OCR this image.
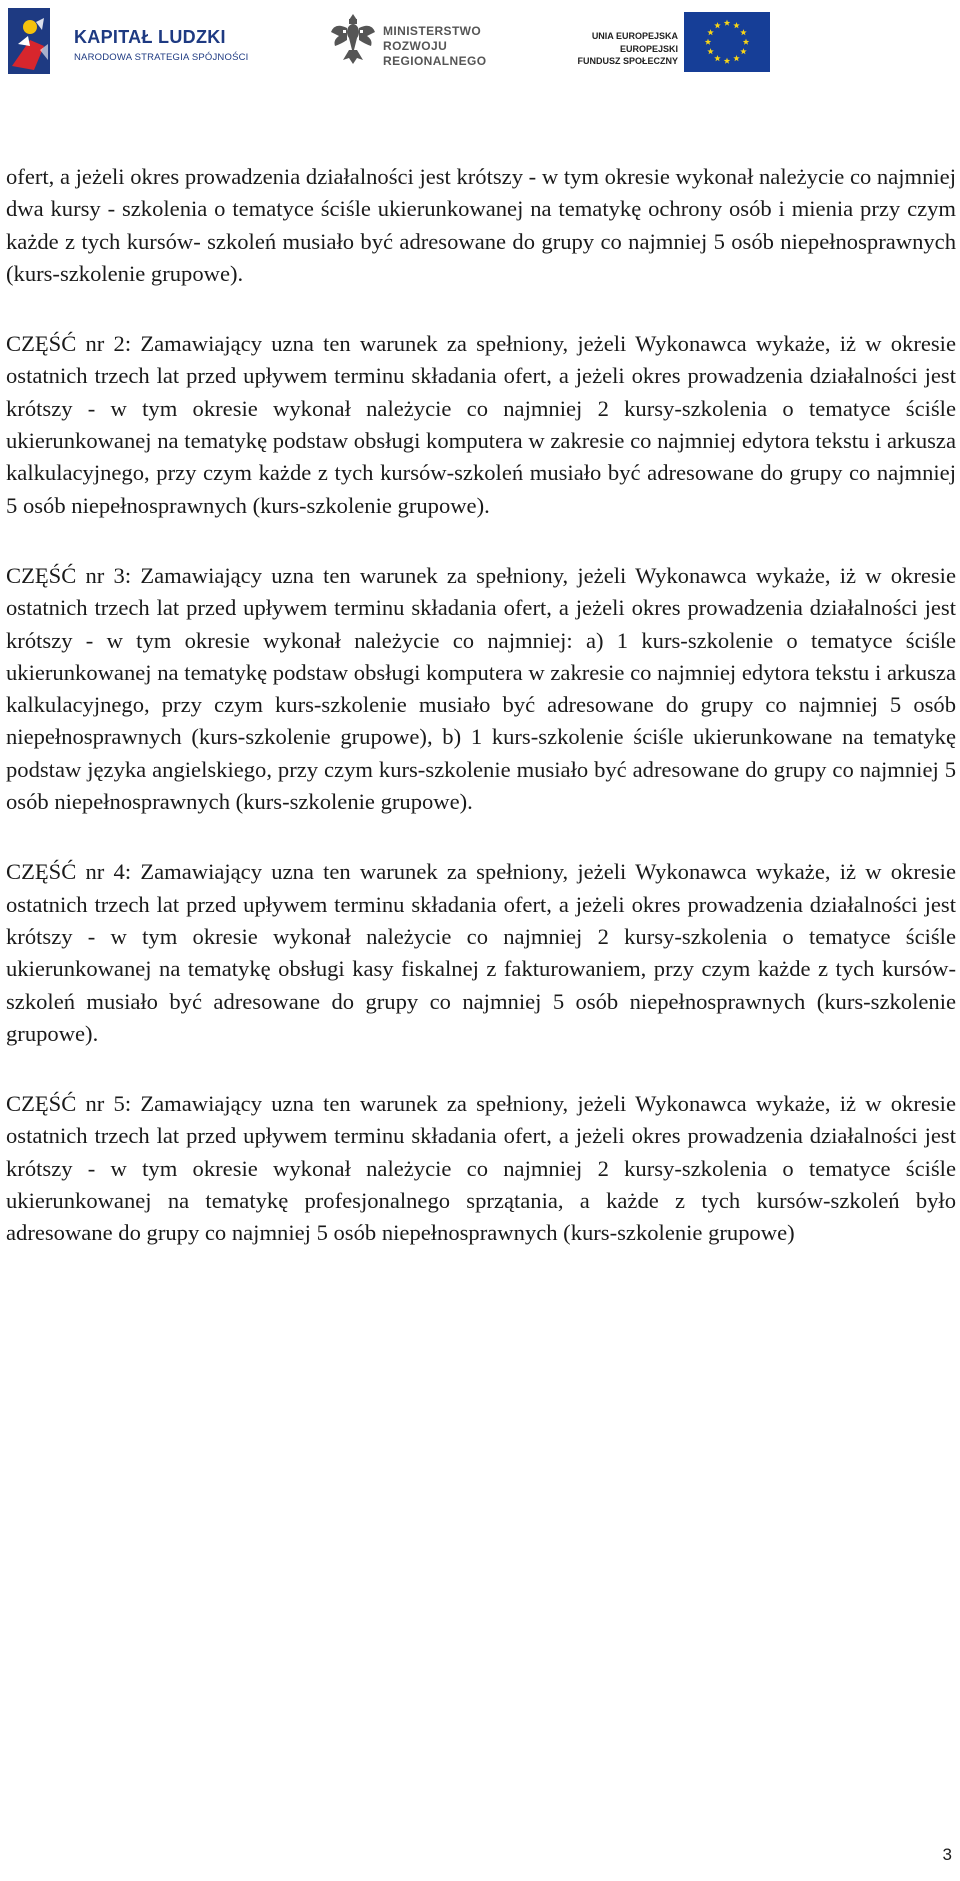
KAPITAŁ LUDZKI
NARODOWA STRATEGIA SPÓJNOŚCI
MINISTERSTWO
ROZWOJU
REGIONALNEGO
UNIA EUROPEJSKA
EUROPEJSKI
FUNDUSZ SPOŁECZNY

ofert, a jeżeli okres prowadzenia działalności jest krótszy - w tym okresie wykonał należycie co najmniej dwa kursy - szkolenia o tematyce ściśle ukierunkowanej na tematykę ochrony osób i mienia przy czym każde z tych kursów- szkoleń musiało być adresowane do grupy co najmniej 5 osób niepełnosprawnych (kurs-szkolenie grupowe).

CZĘŚĆ nr 2: Zamawiający uzna ten warunek za spełniony, jeżeli Wykonawca wykaże, iż w okresie ostatnich trzech lat przed upływem terminu składania ofert, a jeżeli okres prowadzenia działalności jest krótszy - w tym okresie wykonał należycie co najmniej 2 kursy-szkolenia o tematyce ściśle ukierunkowanej na tematykę podstaw obsługi komputera w zakresie co najmniej edytora tekstu i arkusza kalkulacyjnego, przy czym każde z tych kursów-szkoleń musiało być adresowane do grupy co najmniej 5 osób niepełnosprawnych (kurs-szkolenie grupowe).

CZĘŚĆ nr 3: Zamawiający uzna ten warunek za spełniony, jeżeli Wykonawca wykaże, iż w okresie ostatnich trzech lat przed upływem terminu składania ofert, a jeżeli okres prowadzenia działalności jest krótszy - w tym okresie wykonał należycie co najmniej: a) 1 kurs-szkolenie o tematyce ściśle ukierunkowanej na tematykę podstaw obsługi komputera w zakresie co najmniej edytora tekstu i arkusza kalkulacyjnego, przy czym kurs-szkolenie musiało być adresowane do grupy co najmniej 5 osób niepełnosprawnych (kurs-szkolenie grupowe), b) 1 kurs-szkolenie ściśle ukierunkowane na tematykę podstaw języka angielskiego, przy czym kurs-szkolenie musiało być adresowane do grupy co najmniej 5 osób niepełnosprawnych (kurs-szkolenie grupowe).

CZĘŚĆ nr 4: Zamawiający uzna ten warunek za spełniony, jeżeli Wykonawca wykaże, iż w okresie ostatnich trzech lat przed upływem terminu składania ofert, a jeżeli okres prowadzenia działalności jest krótszy - w tym okresie wykonał należycie co najmniej 2 kursy-szkolenia o tematyce ściśle ukierunkowanej na tematykę obsługi kasy fiskalnej z fakturowaniem, przy czym każde z tych kursów-szkoleń musiało być adresowane do grupy co najmniej 5 osób niepełnosprawnych (kurs-szkolenie grupowe).

CZĘŚĆ nr 5: Zamawiający uzna ten warunek za spełniony, jeżeli Wykonawca wykaże, iż w okresie ostatnich trzech lat przed upływem terminu składania ofert, a jeżeli okres prowadzenia działalności jest krótszy - w tym okresie wykonał należycie co najmniej 2 kursy-szkolenia o tematyce ściśle ukierunkowanej na tematykę profesjonalnego sprzątania, a każde z tych kursów-szkoleń było adresowane do grupy co najmniej 5 osób niepełnosprawnych (kurs-szkolenie grupowe)

3
